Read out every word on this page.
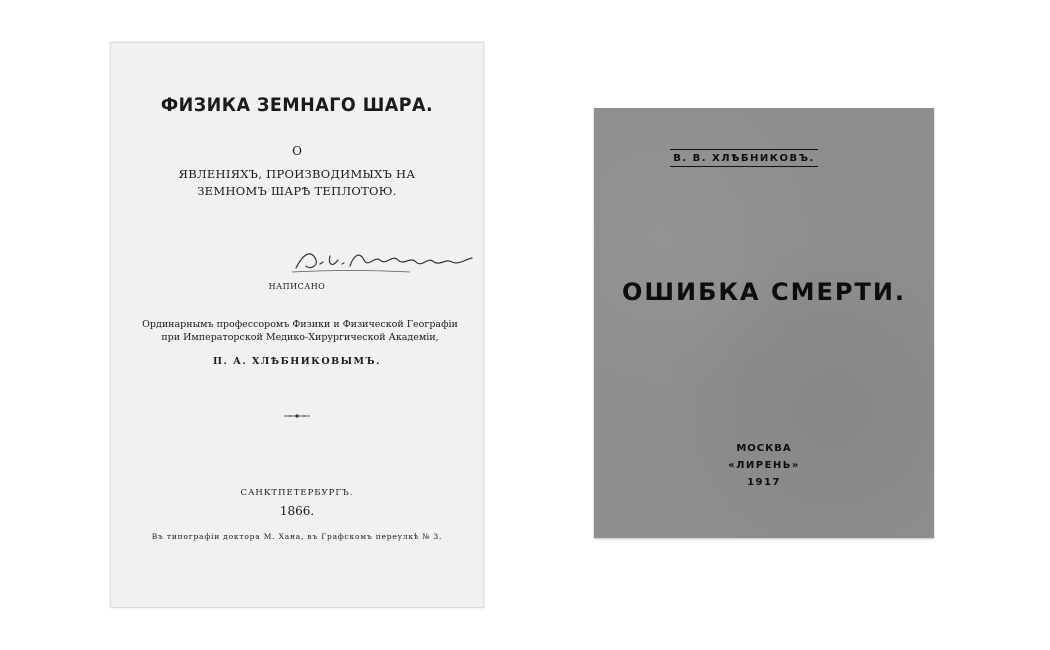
ФИЗИКА ЗЕМНАГО ШАРА.
О
ЯВЛЕНІЯХЪ, ПРОИЗВОДИМЫХЪ НА ЗЕМНОМЪ ШАРѢ ТЕПЛОТОЮ.
НАПИСАНО
Ординарнымъ профессоромъ Физики и Физической Географіи при Императорской Медико-Хирургической Академіи,
П. А. ХЛѢБНИКОВЫМЪ.
САНКТПЕТЕРБУРГЪ.
1866.
Въ типографіи доктора М. Хана, въ Графскомъ переулкѣ № 3.
В. В. ХЛѢБНИКОВЪ.
ОШИБКА СМЕРТИ.
МОСКВА
«ЛИРЕНЬ»
1917
